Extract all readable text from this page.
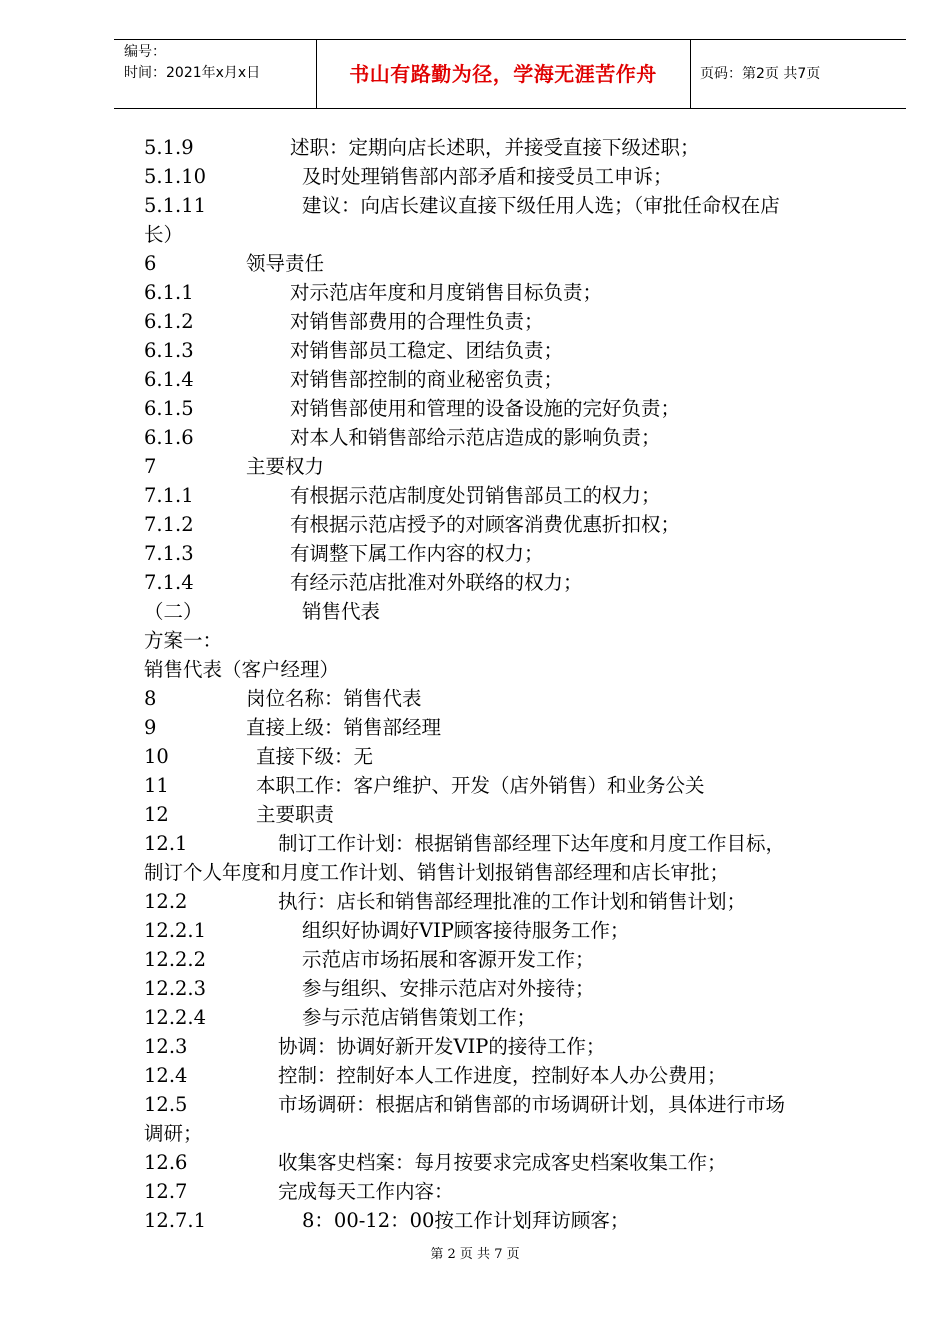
编号：
时间：2021年x月x日	书山有路勤为径，学海无涯苦作舟	页码：第2页 共7页
5.1.9	述职：定期向店长述职，并接受直接下级述职；
5.1.10	及时处理销售部内部矛盾和接受员工申诉；
5.1.11	建议：向店长建议直接下级任用人选；（审批任命权在店
长）
6	领导责任
6.1.1	对示范店年度和月度销售目标负责；
6.1.2	对销售部费用的合理性负责；
6.1.3	对销售部员工稳定、团结负责；
6.1.4	对销售部控制的商业秘密负责；
6.1.5	对销售部使用和管理的设备设施的完好负责；
6.1.6	对本人和销售部给示范店造成的影响负责；
7	主要权力
7.1.1	有根据示范店制度处罚销售部员工的权力；
7.1.2	有根据示范店授予的对顾客消费优惠折扣权；
7.1.3	有调整下属工作内容的权力；
7.1.4	有经示范店批准对外联络的权力；
（二）	销售代表
方案一：
销售代表（客户经理）
8	岗位名称：销售代表
9	直接上级：销售部经理
10	直接下级：无
11	本职工作：客户维护、开发（店外销售）和业务公关
12	主要职责
12.1	制订工作计划：根据销售部经理下达年度和月度工作目标，
制订个人年度和月度工作计划、销售计划报销售部经理和店长审批；
12.2	执行：店长和销售部经理批准的工作计划和销售计划；
12.2.1	组织好协调好VIP顾客接待服务工作；
12.2.2	示范店市场拓展和客源开发工作；
12.2.3	参与组织、安排示范店对外接待；
12.2.4	参与示范店销售策划工作；
12.3	协调：协调好新开发VIP的接待工作；
12.4	控制：控制好本人工作进度，控制好本人办公费用；
12.5	市场调研：根据店和销售部的市场调研计划，具体进行市场
调研；
12.6	收集客史档案：每月按要求完成客史档案收集工作；
12.7	完成每天工作内容：
12.7.1	8：00-12：00按工作计划拜访顾客；
第 2 页 共 7 页
